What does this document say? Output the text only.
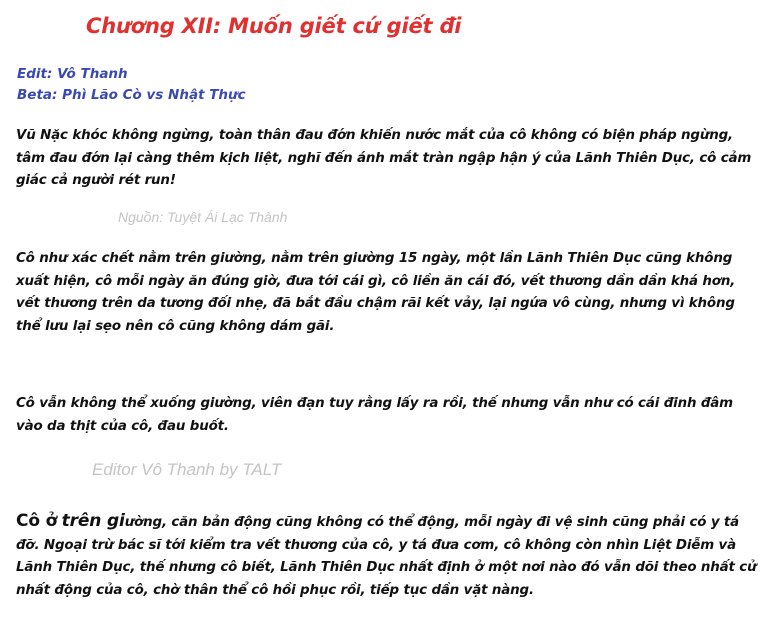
Chương XII: Muốn giết cứ giết đi
Edit: Vô Thanh
Beta: Phì Lão Cò vs Nhật Thực
Vũ Nặc khóc không ngừng, toàn thân đau đớn khiến nước mắt của cô không có biện pháp ngừng, tâm đau đớn lại càng thêm kịch liệt, nghĩ đến ánh mắt tràn ngập hận ý của Lãnh Thiên Dục, cô cảm giác cả người rét run!
Nguồn: Tuyệt Ái Lạc Thành
Cô như xác chết nằm trên giường, nằm trên giường 15 ngày, một lần Lãnh Thiên Dục cũng không xuất hiện, cô mỗi ngày ăn đúng giờ, đưa tới cái gì, cô liền ăn cái đó, vết thương dần dần khá hơn, vết thương trên da tương đối nhẹ, đã bắt đầu chậm rãi kết vảy, lại ngứa vô cùng, nhưng vì không thể lưu lại sẹo nên cô cũng không dám gãi.
Cô vẫn không thể xuống giường, viên đạn tuy rằng lấy ra rồi, thế nhưng vẫn như có cái đinh đâm vào da thịt của cô, đau buốt.
Editor Vô Thanh by TALT
Cô ở trên giường, căn bản động cũng không có thể động, mỗi ngày đi vệ sinh cũng phải có y tá đỡ. Ngoại trừ bác sĩ tới kiểm tra vết thương của cô, y tá đưa cơm, cô không còn nhìn Liệt Diễm và Lãnh Thiên Dục, thế nhưng cô biết, Lãnh Thiên Dục nhất định ở một nơi nào đó vẫn dõi theo nhất cử nhất động của cô, chờ thân thể cô hồi phục rồi, tiếp tục dần vặt nàng.
